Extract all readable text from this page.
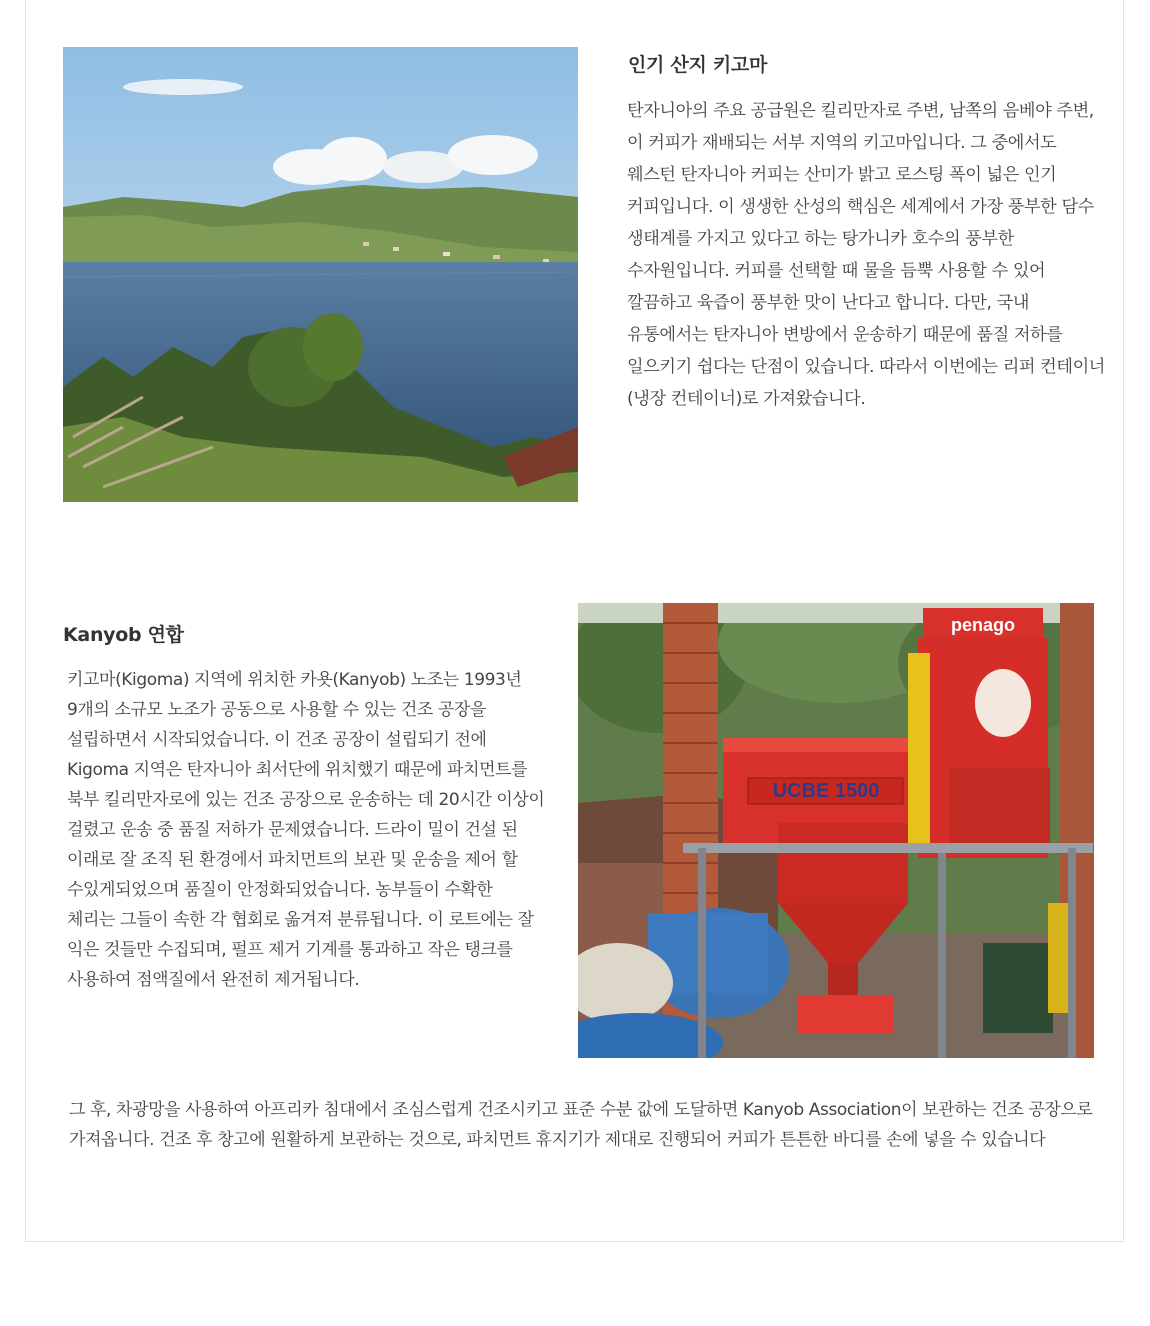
UCBE 1500
penago
인기 산지 키고마

탄자니아의 주요 공급원은 킬리만자로 주변, 남쪽의 음베야 주변, 이 커피가 재배되는 서부 지역의 키고마입니다. 그 중에서도 웨스턴 탄자니아 커피는 산미가 밝고 로스팅 폭이 넓은 인기 커피입니다. 이 생생한 산성의 핵심은 세계에서 가장 풍부한 담수 생태계를 가지고 있다고 하는 탕가니카 호수의 풍부한 수자원입니다. 커피를 선택할 때 물을 듬뿍 사용할 수 있어 깔끔하고 육즙이 풍부한 맛이 난다고 합니다. 다만, 국내 유통에서는 탄자니아 변방에서 운송하기 때문에 품질 저하를 일으키기 쉽다는 단점이 있습니다. 따라서 이번에는 리퍼 컨테이너 (냉장 컨테이너)로 가져왔습니다.

Kanyob 연합

키고마(Kigoma) 지역에 위치한 카욧(Kanyob) 노조는 1993년 9개의 소규모 노조가 공동으로 사용할 수 있는 건조 공장을 설립하면서 시작되었습니다. 이 건조 공장이 설립되기 전에 Kigoma 지역은 탄자니아 최서단에 위치했기 때문에 파치먼트를 북부 킬리만자로에 있는 건조 공장으로 운송하는 데 20시간 이상이 걸렸고 운송 중 품질 저하가 문제였습니다. 드라이 밀이 건설 된 이래로 잘 조직 된 환경에서 파치먼트의 보관 및 운송을 제어 할 수있게되었으며 품질이 안정화되었습니다. 농부들이 수확한 체리는 그들이 속한 각 협회로 옮겨져 분류됩니다. 이 로트에는 잘 익은 것들만 수집되며, 펄프 제거 기계를 통과하고 작은 탱크를 사용하여 점액질에서 완전히 제거됩니다.

그 후, 차광망을 사용하여 아프리카 침대에서 조심스럽게 건조시키고 표준 수분 값에 도달하면 Kanyob Association이 보관하는 건조 공장으로 가져옵니다. 건조 후 창고에 원활하게 보관하는 것으로, 파치먼트 휴지기가 제대로 진행되어 커피가 튼튼한 바디를 손에 넣을 수 있습니다
